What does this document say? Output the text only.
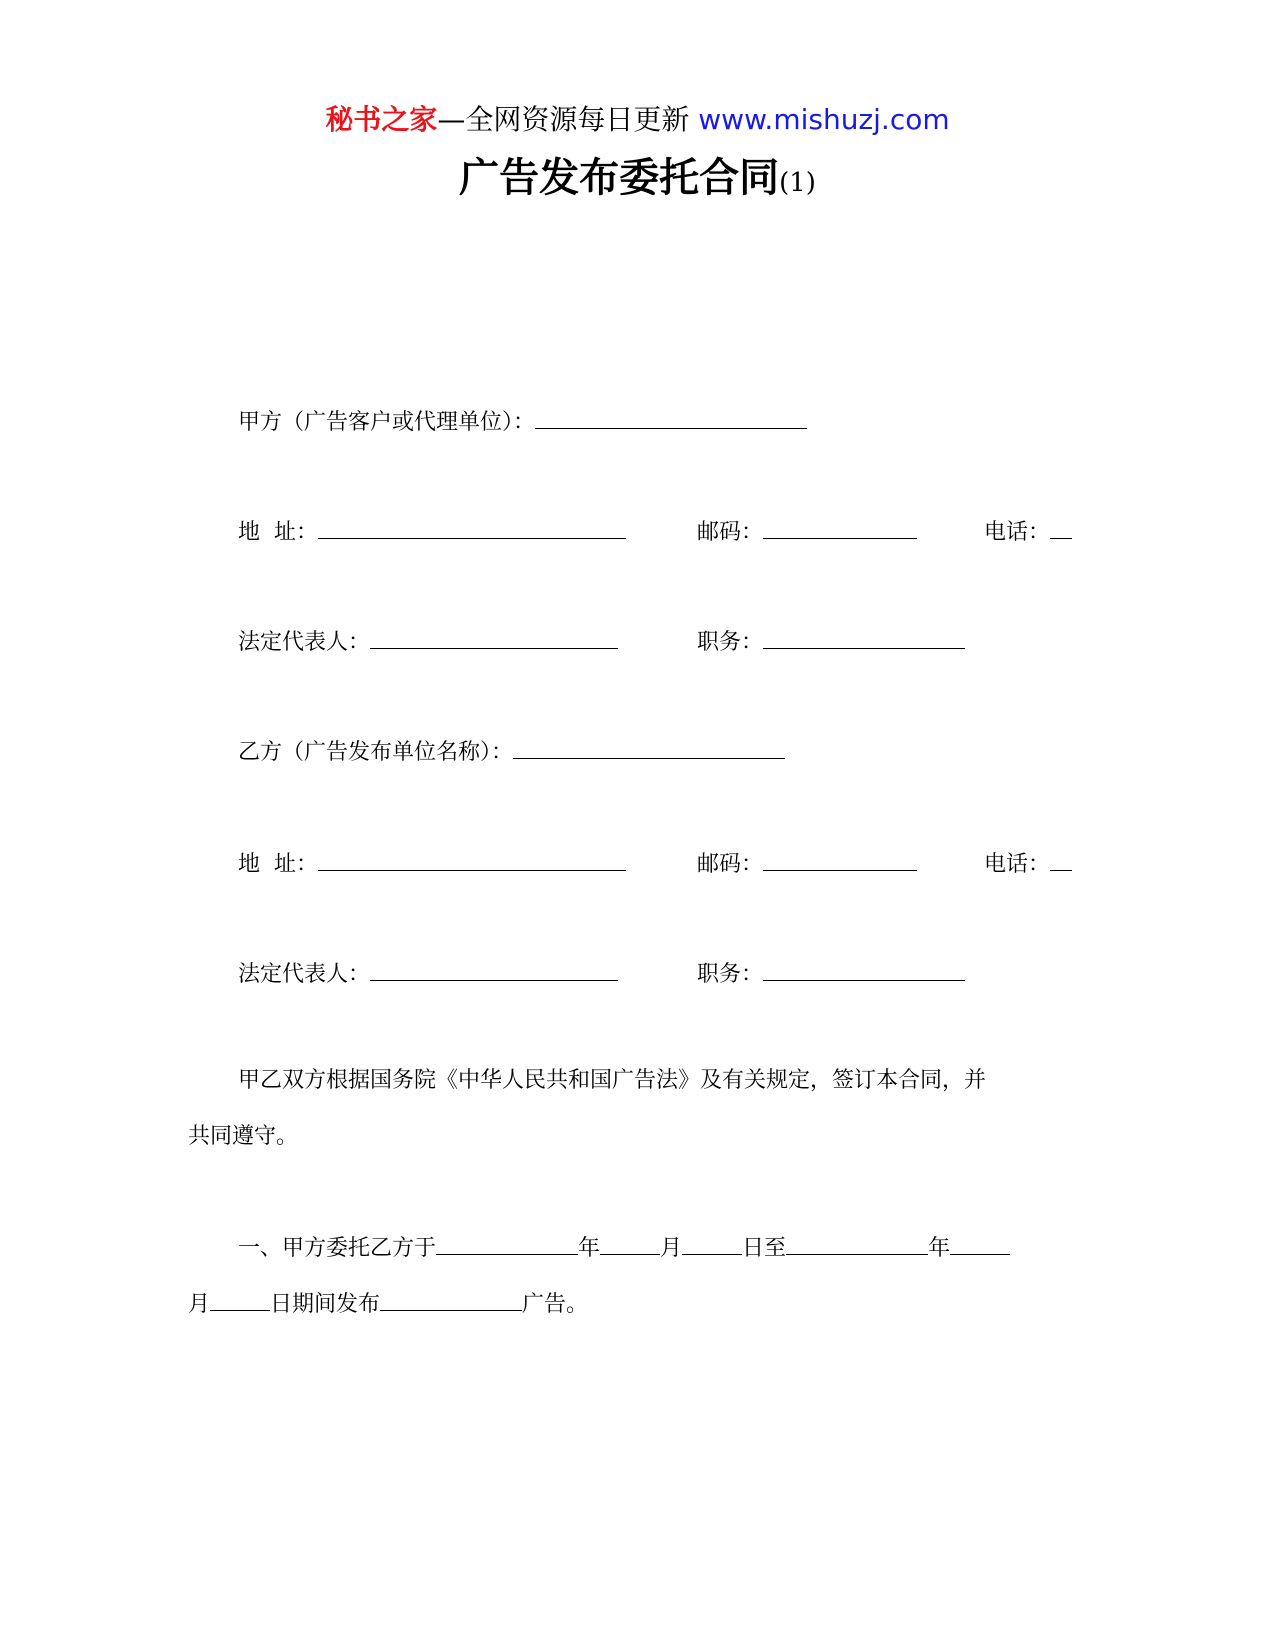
秘书之家—全网资源每日更新 www.mishuzj.com
广告发布委托合同(1)
甲方（广告客户或代理单位）：
地  址：	邮码：	电话：
法定代表人：	职务：
乙方（广告发布单位名称）：
地  址：	邮码：	电话：
法定代表人：	职务：
甲乙双方根据国务院《中华人民共和国广告法》及有关规定，签订本合同，并
共同遵守。
一、甲方委托乙方于	年	月	日至	年
月	日期间发布	广告。
